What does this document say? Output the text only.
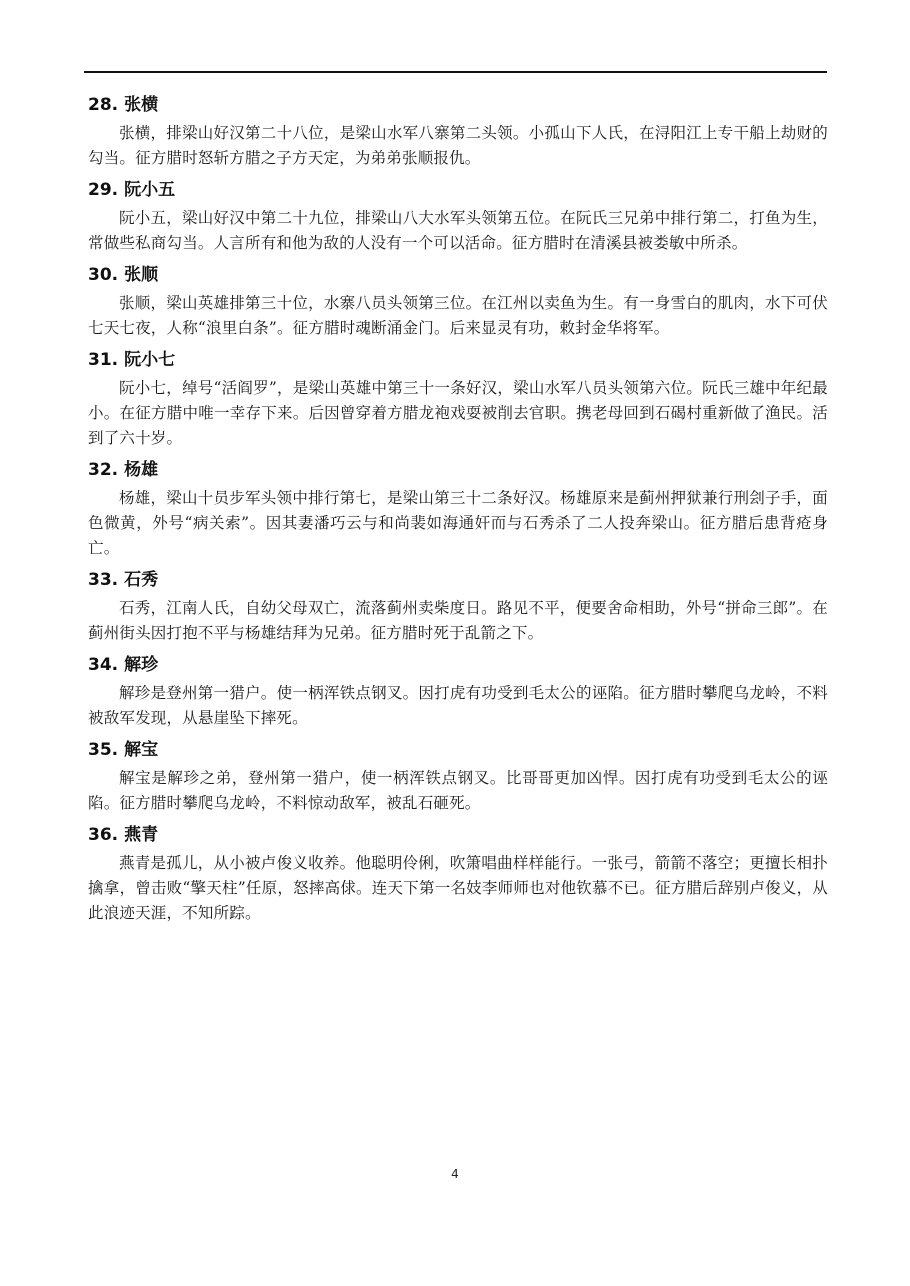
28. 张横

张横，排梁山好汉第二十八位，是梁山水军八寨第二头领。小孤山下人氏，在浔阳江上专干船上劫财的勾当。征方腊时怒斩方腊之子方天定，为弟弟张顺报仇。

29. 阮小五

阮小五，梁山好汉中第二十九位，排梁山八大水军头领第五位。在阮氏三兄弟中排行第二，打鱼为生，常做些私商勾当。人言所有和他为敌的人没有一个可以活命。征方腊时在清溪县被娄敏中所杀。

30. 张顺

张顺，梁山英雄排第三十位，水寨八员头领第三位。在江州以卖鱼为生。有一身雪白的肌肉，水下可伏七天七夜，人称“浪里白条”。征方腊时魂断涌金门。后来显灵有功，敕封金华将军。

31. 阮小七

阮小七，绰号“活阎罗”，是梁山英雄中第三十一条好汉，梁山水军八员头领第六位。阮氏三雄中年纪最小。在征方腊中唯一幸存下来。后因曾穿着方腊龙袍戏耍被削去官职。携老母回到石碣村重新做了渔民。活到了六十岁。

32. 杨雄

杨雄，梁山十员步军头领中排行第七，是梁山第三十二条好汉。杨雄原来是蓟州押狱兼行刑刽子手，面色微黄，外号“病关索”。因其妻潘巧云与和尚裴如海通奸而与石秀杀了二人投奔梁山。征方腊后患背疮身亡。

33. 石秀

石秀，江南人氏，自幼父母双亡，流落蓟州卖柴度日。路见不平，便要舍命相助，外号“拼命三郎”。在蓟州街头因打抱不平与杨雄结拜为兄弟。征方腊时死于乱箭之下。

34. 解珍

解珍是登州第一猎户。使一柄浑铁点钢叉。因打虎有功受到毛太公的诬陷。征方腊时攀爬乌龙岭，不料被敌军发现，从悬崖坠下摔死。

35. 解宝

解宝是解珍之弟，登州第一猎户，使一柄浑铁点钢叉。比哥哥更加凶悍。因打虎有功受到毛太公的诬陷。征方腊时攀爬乌龙岭，不料惊动敌军，被乱石砸死。

36. 燕青

燕青是孤儿，从小被卢俊义收养。他聪明伶俐，吹箫唱曲样样能行。一张弓，箭箭不落空；更擅长相扑擒拿，曾击败“擎天柱”任原，怒摔高俅。连天下第一名妓李师师也对他钦慕不已。征方腊后辞别卢俊义，从此浪迹天涯，不知所踪。

4
